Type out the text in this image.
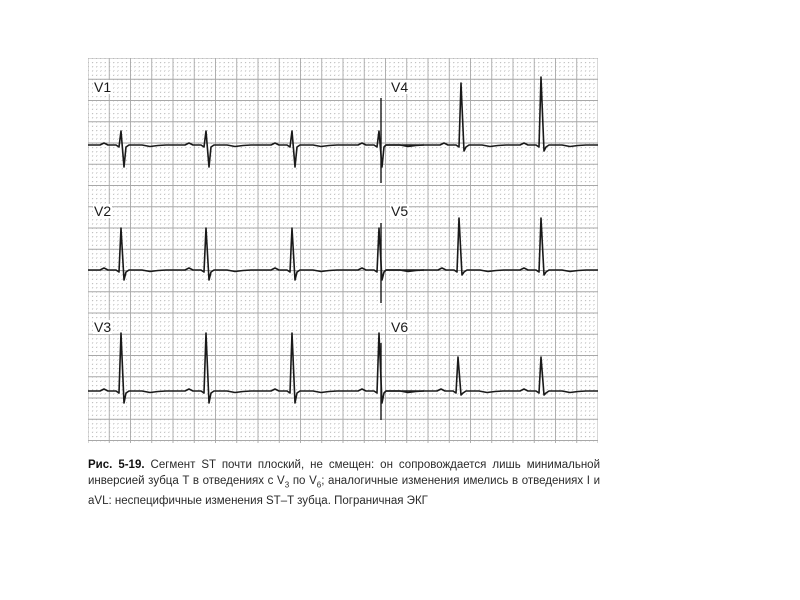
V1
V2
V3
V4
V5
V6
Рис. 5-19. Сегмент ST почти плоский, не смещен: он сопровождается лишь минимальной инверсией зубца T в отведениях с $V_3$ по $V_6$; аналогичные изменения имелись в отведениях I и aVL: неспецифичные изменения ST–T зубца. Пограничная ЭКГ
